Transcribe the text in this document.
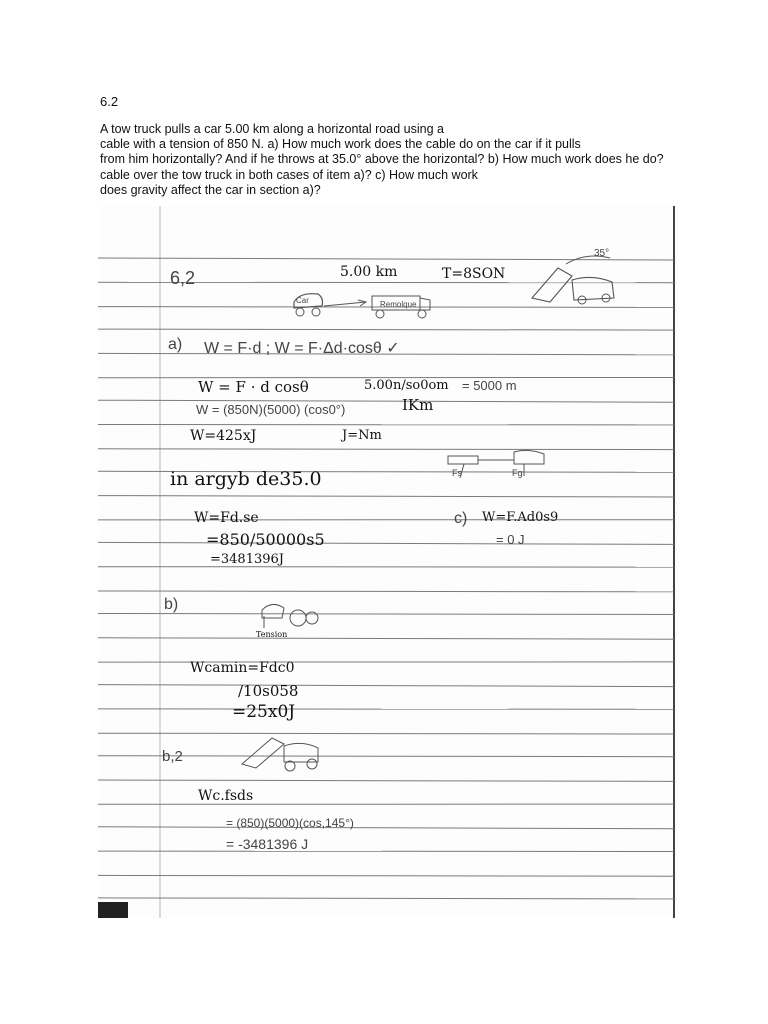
6.2
A tow truck pulls a car 5.00 km along a horizontal road using a
cable with a tension of 850 N. a) How much work does the cable do on the car if it pulls
from him horizontally? And if he throws at 35.0° above the horizontal? b) How much work does he do?
cable over the tow truck in both cases of item a)? c) How much work
does gravity affect the car in section a)?
6,2	5.00 km	T=8SON
35°
Remolque
Car
a) W = F·d ; W = F·Δd·cosθ ✓
W = F · d cosθ	5.00n/so0om = 5000 m
IKm
W = (850N)(5000) (cos0°)
W=425xJ	J=Nm
Fs	Fg
in argyb de35.0
W=Fd.se	c) W=F.Ad0s9
= 0 J
=850/50000s5
=3481396J
b)
Tension
Wcamin=Fdc0
/10s058
=25x0J
b,2
Wc.fsds
= (850)(5000)(cos,145°)
= -3481396 J
